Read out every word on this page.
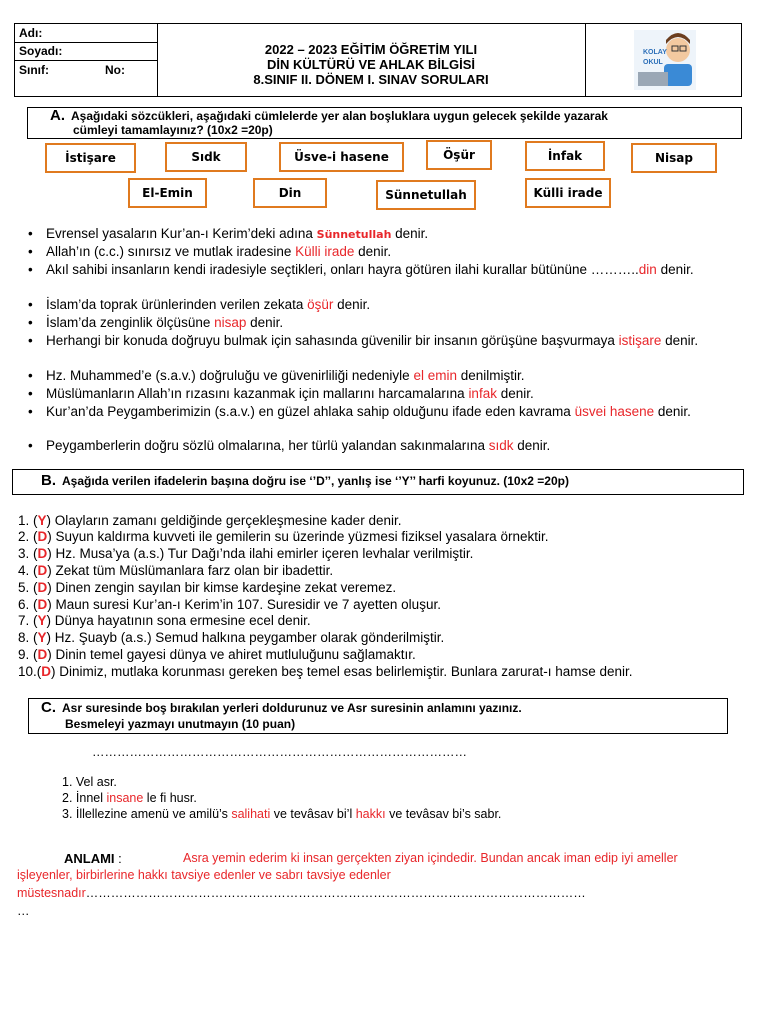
Adı:
Soyadı:
Sınıf:	No:
2022 – 2023 EĞİTİM ÖĞRETİM YILI
DİN KÜLTÜRÜ VE AHLAK BİLGİSİ
8.SINIF II. DÖNEM I. SINAV SORULARI
KOLAY
OKUL
A. Aşağıdaki sözcükleri, aşağıdaki cümlelerde yer alan boşluklara uygun gelecek şekilde yazarak
cümleyi tamamlayınız? (10x2 =20p)
İstişare	Sıdk	Üsve-i hasene	Öşür	İnfak	Nisap
El-Emin	Din	Sünnetullah	Külli irade
• Evrensel yasaların Kur’an-ı Kerim’deki adına Sünnetullah denir.
• Allah’ın (c.c.) sınırsız ve mutlak iradesine Külli irade denir.
• Akıl sahibi insanların kendi iradesiyle seçtikleri, onları hayra götüren ilahi kurallar bütününe ………..din denir.
• İslam’da toprak ürünlerinden verilen zekata öşür denir.
• İslam’da zenginlik ölçüsüne nisap denir.
• Herhangi bir konuda doğruyu bulmak için sahasında güvenilir bir insanın görüşüne başvurmaya istişare denir.
• Hz. Muhammed’e (s.a.v.) doğruluğu ve güvenirliliği nedeniyle el emin denilmiştir.
• Müslümanların Allah’ın rızasını kazanmak için mallarını harcamalarına infak denir.
• Kur’an’da Peygamberimizin (s.a.v.) en güzel ahlaka sahip olduğunu ifade eden kavrama üsvei hasene denir.
• Peygamberlerin doğru sözlü olmalarına, her türlü yalandan sakınmalarına sıdk denir.
B. Aşağıda verilen ifadelerin başına doğru ise ‘’D’’, yanlış ise ‘’Y’’ harfi koyunuz. (10x2 =20p)
1. (Y) Olayların zamanı geldiğinde gerçekleşmesine kader denir.
2. (D) Suyun kaldırma kuvveti ile gemilerin su üzerinde yüzmesi fiziksel yasalara örnektir.
3. (D) Hz. Musa’ya (a.s.) Tur Dağı’nda ilahi emirler içeren levhalar verilmiştir.
4. (D) Zekat tüm Müslümanlara farz olan bir ibadettir.
5. (D) Dinen zengin sayılan bir kimse kardeşine zekat veremez.
6. (D) Maun suresi Kur’an-ı Kerim’in 107. Suresidir ve 7 ayetten oluşur.
7. (Y) Dünya hayatının sona ermesine ecel denir.
8. (Y) Hz. Şuayb (a.s.) Semud halkına peygamber olarak gönderilmiştir.
9. (D) Dinin temel gayesi dünya ve ahiret mutluluğunu sağlamaktır.
10.(D) Dinimiz, mutlaka korunması gereken beş temel esas belirlemiştir. Bunlara zarurat-ı hamse denir.
C. Asr suresinde boş bırakılan yerleri doldurunuz ve Asr suresinin anlamını yazınız.
Besmeleyi yazmayı unutmayın (10 puan)
………………………………………………………………………………
1. Vel asr.
2. İnnel insane le fi husr.
3. İllellezine amenü ve amilü’s salihati ve tevâsav bi’l hakkı ve tevâsav bi’s sabr.
ANLAMI :	Asra yemin ederim ki insan gerçekten ziyan içindedir. Bundan ancak iman edip iyi ameller
işleyenler, birbirlerine hakkı tavsiye edenler ve sabrı tavsiye edenler
müstesnadır…………………………………………………………………………………………………………
…
